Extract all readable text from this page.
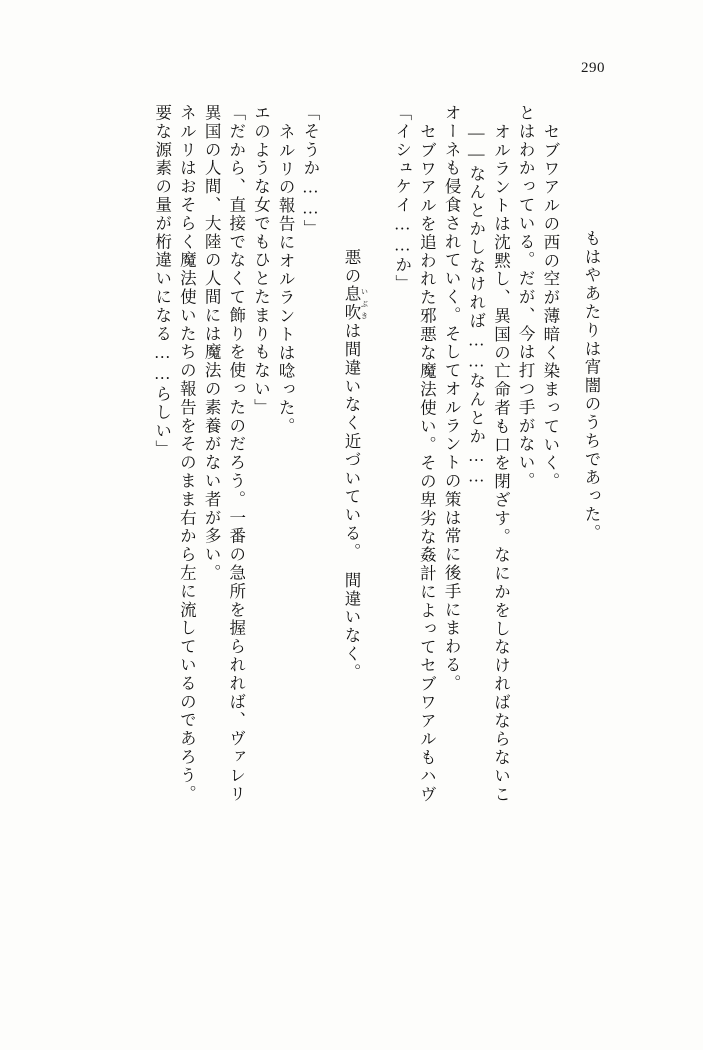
290
要な源素の量が桁違いになる……らしい」 ネルリはおそらく魔法使いたちの報告をそのまま右から左に流しているのであろう。 異国の人間、大陸の人間には魔法の素養がない者が多い。 「だから、直接でなくて飾りを使ったのだろう。一番の急所を握られれば、ヴァレリ エのような女でもひとたまりもない」 ネルリの報告にオルラントは唸った。 「そうか……」

悪の息吹 いぶきは間違いなく近づいている。　間違いなく。

「イシュケイ……か」 セブワアルを追われた邪悪な魔法使い。その卑劣な姦計によってセブワアルもハヴ オーネも侵食されていく。そしてオルラントの策は常に後手にまわる。 ――なんとかしなければ……なんとか…… オルラントは沈黙し、異国の亡命者も口を閉ざす。なにかをしなければならないこ とはわかっている。だが、今は打つ手がない。 セブワアルの西の空が薄暗く染まっていく。	もはやあたりは宵闇のうちであった。
